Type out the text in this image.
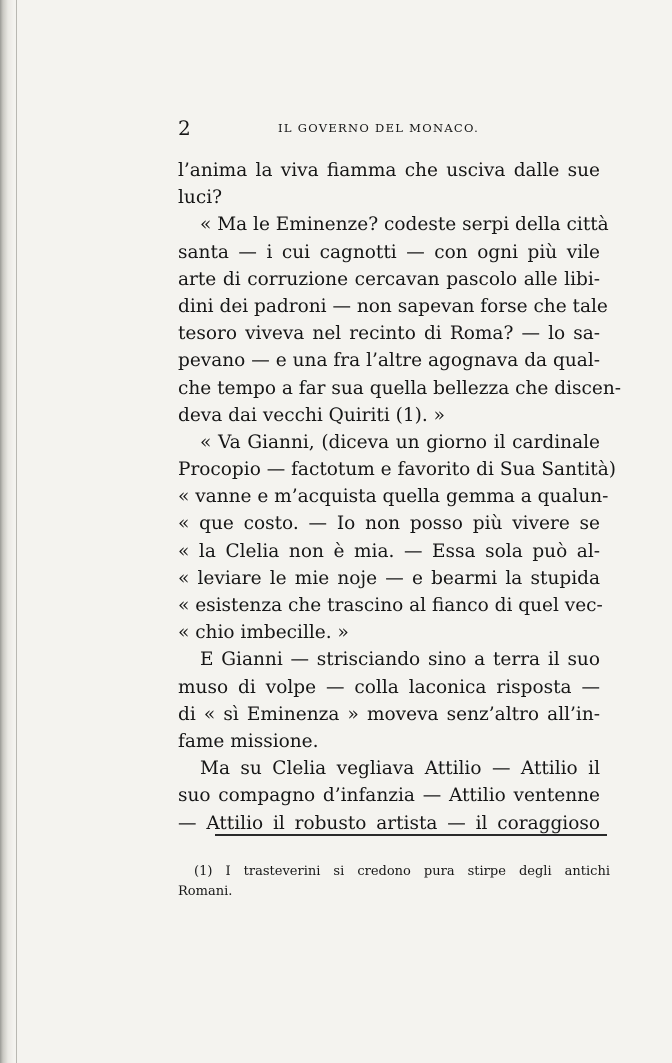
2	IL GOVERNO DEL MONACO.
l’anima la viva fiamma che usciva dalle sue
luci?
« Ma le Eminenze? codeste serpi della città
santa — i cui cagnotti — con ogni più vile
arte di corruzione cercavan pascolo alle libi-
dini dei padroni — non sapevan forse che tale
tesoro viveva nel recinto di Roma? — lo sa-
pevano — e una fra l’altre agognava da qual-
che tempo a far sua quella bellezza che discen-
deva dai vecchi Quiriti (1). »
« Va Gianni, (diceva un giorno il cardinale
Procopio — factotum e favorito di Sua Santità)
« vanne e m’acquista quella gemma a qualun-
« que costo. — Io non posso più vivere se
« la Clelia non è mia. — Essa sola può al-
« leviare le mie noje — e bearmi la stupida
« esistenza che trascino al fianco di quel vec-
« chio imbecille. »
E Gianni — strisciando sino a terra il suo
muso di volpe — colla laconica risposta —
di « sì Eminenza » moveva senz’altro all’in-
fame missione.
Ma su Clelia vegliava Attilio — Attilio il
suo compagno d’infanzia — Attilio ventenne
— Attilio il robusto artista — il coraggioso
(1) I trasteverini si credono pura stirpe degli antichi
Romani.
